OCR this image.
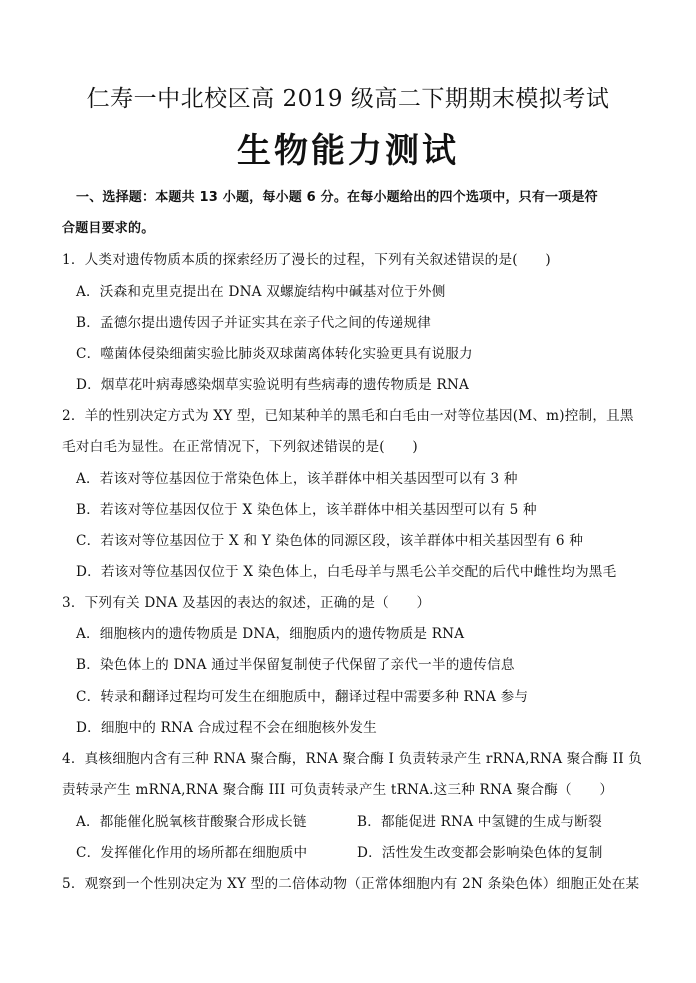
仁寿一中北校区高 2019 级高二下期期末模拟考试
生物能力测试
一、选择题：本题共 13 小题，每小题 6 分。在每小题给出的四个选项中，只有一项是符
合题目要求的。
1．人类对遗传物质本质的探索经历了漫长的过程，下列有关叙述错误的是(　　)
A．沃森和克里克提出在 DNA 双螺旋结构中碱基对位于外侧
B．孟德尔提出遗传因子并证实其在亲子代之间的传递规律
C．噬菌体侵染细菌实验比肺炎双球菌离体转化实验更具有说服力
D．烟草花叶病毒感染烟草实验说明有些病毒的遗传物质是 RNA
2．羊的性别决定方式为 XY 型，已知某种羊的黑毛和白毛由一对等位基因(M、m)控制，且黑
毛对白毛为显性。在正常情况下，下列叙述错误的是(　　)
A．若该对等位基因位于常染色体上，该羊群体中相关基因型可以有 3 种
B．若该对等位基因仅位于 X 染色体上，该羊群体中相关基因型可以有 5 种
C．若该对等位基因位于 X 和 Y 染色体的同源区段，该羊群体中相关基因型有 6 种
D．若该对等位基因仅位于 X 染色体上，白毛母羊与黑毛公羊交配的后代中雌性均为黑毛
3．下列有关 DNA 及基因的表达的叙述，正确的是（　　）
A．细胞核内的遗传物质是 DNA，细胞质内的遗传物质是 RNA
B．染色体上的 DNA 通过半保留复制使子代保留了亲代一半的遗传信息
C．转录和翻译过程均可发生在细胞质中，翻译过程中需要多种 RNA 参与
D．细胞中的 RNA 合成过程不会在细胞核外发生
4．真核细胞内含有三种 RNA 聚合酶，RNA 聚合酶 I 负责转录产生 rRNA,RNA 聚合酶 II 负
责转录产生 mRNA,RNA 聚合酶 III 可负责转录产生 tRNA.这三种 RNA 聚合酶（　　）
A．都能催化脱氧核苷酸聚合形成长链	B．都能促进 RNA 中氢键的生成与断裂
C．发挥催化作用的场所都在细胞质中	D．活性发生改变都会影响染色体的复制
5．观察到一个性别决定为 XY 型的二倍体动物（正常体细胞内有 2N 条染色体）细胞正处在某
